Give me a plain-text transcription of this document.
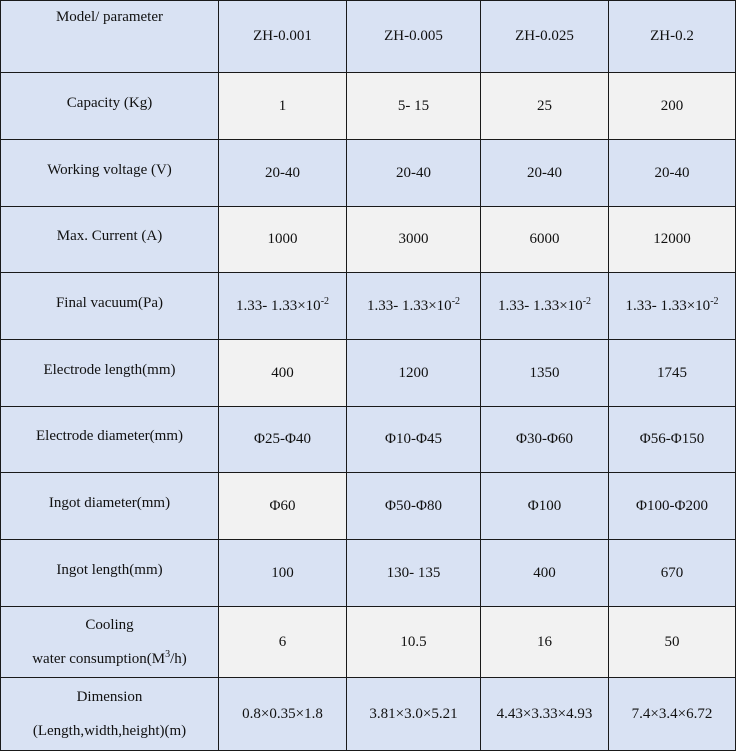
Model/ parameter	ZH-0.001	ZH-0.005	ZH-0.025	ZH-0.2
Capacity (Kg)	1	5- 15	25	200
Working voltage (V)	20-40	20-40	20-40	20-40
Max. Current (A)	1000	3000	6000	12000
Final vacuum(Pa)	1.33- $1.33\times 10^{-2}$	1.33- $1.33\times 10^{-2}$	1.33- $1.33\times 10^{-2}$	1.33- $1.33\times 10^{-2}$
Electrode length(mm)	400	1200	1350	1745
Electrode diameter(mm)	Φ25-Φ40	Φ10-Φ45	Φ30-Φ60	Φ56-Φ150
Ingot diameter(mm)	Φ60	Φ50-Φ80	Φ100	Φ100-Φ200
Ingot length(mm)	100	130- 135	400	670

Cooling
water $consumption(M^3/h)$	6	10.5	16	50

Dimension
(Length,width,height)(m)	0.8×0.35×1.8	3.81×3.0×5.21	4.43×3.33×4.93	7.4×3.4×6.72
